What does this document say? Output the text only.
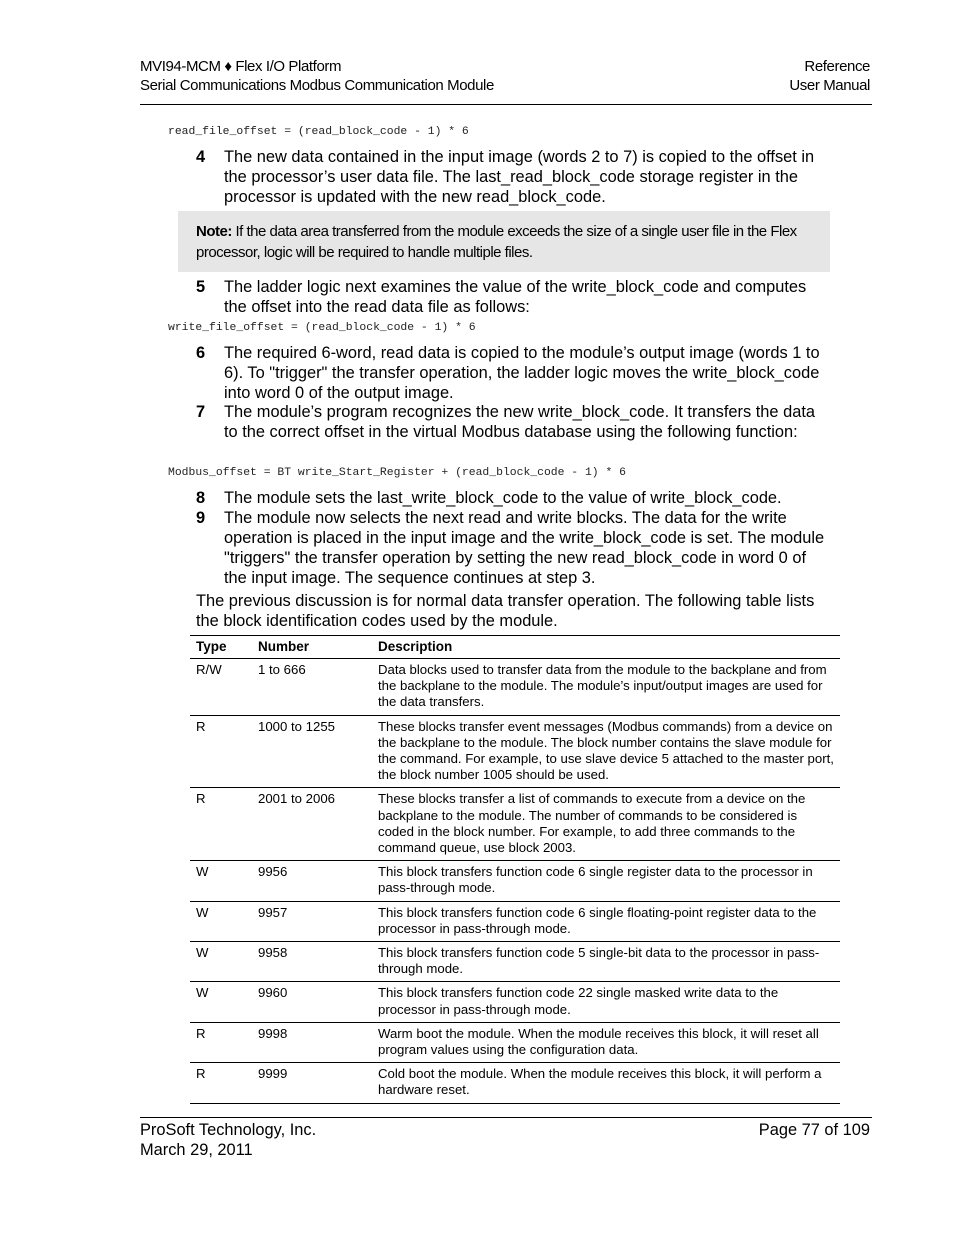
MVI94-MCM ♦ Flex I/O Platform
Serial Communications Modbus Communication Module
Reference
User Manual
read_file_offset = (read_block_code - 1) * 6
4 The new data contained in the input image (words 2 to 7) is copied to the offset in the processor’s user data file. The last_read_block_code storage register in the processor is updated with the new read_block_code.
Note: If the data area transferred from the module exceeds the size of a single user file in the Flex processor, logic will be required to handle multiple files.
5 The ladder logic next examines the value of the write_block_code and computes the offset into the read data file as follows:
write_file_offset = (read_block_code - 1) * 6
6 The required 6-word, read data is copied to the module’s output image (words 1 to 6). To "trigger" the transfer operation, the ladder logic moves the write_block_code into word 0 of the output image.
7 The module’s program recognizes the new write_block_code. It transfers the data to the correct offset in the virtual Modbus database using the following function:
Modbus_offset = BT write_Start_Register + (read_block_code - 1) * 6
8 The module sets the last_write_block_code to the value of write_block_code.
9 The module now selects the next read and write blocks. The data for the write operation is placed in the input image and the write_block_code is set. The module "triggers" the transfer operation by setting the new read_block_code in word 0 of the input image. The sequence continues at step 3.
The previous discussion is for normal data transfer operation. The following table lists the block identification codes used by the module.
Type	Number	Description
R/W	1 to 666	Data blocks used to transfer data from the module to the backplane and from the backplane to the module. The module’s input/output images are used for the data transfers.
R	1000 to 1255	These blocks transfer event messages (Modbus commands) from a device on the backplane to the module. The block number contains the slave module for the command. For example, to use slave device 5 attached to the master port, the block number 1005 should be used.
R	2001 to 2006	These blocks transfer a list of commands to execute from a device on the backplane to the module. The number of commands to be considered is coded in the block number. For example, to add three commands to the command queue, use block 2003.
W	9956	This block transfers function code 6 single register data to the processor in pass-through mode.
W	9957	This block transfers function code 6 single floating-point register data to the processor in pass-through mode.
W	9958	This block transfers function code 5 single-bit data to the processor in pass-through mode.
W	9960	This block transfers function code 22 single masked write data to the processor in pass-through mode.
R	9998	Warm boot the module. When the module receives this block, it will reset all program values using the configuration data.
R	9999	Cold boot the module. When the module receives this block, it will perform a hardware reset.
ProSoft Technology, Inc.
March 29, 2011
Page 77 of 109
